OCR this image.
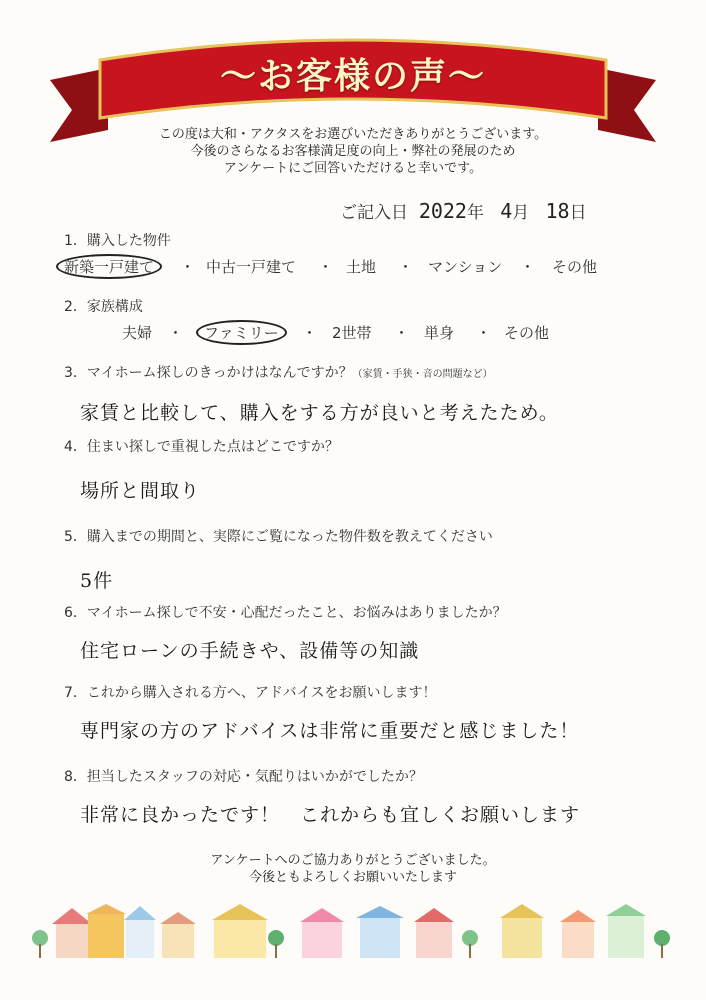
～お客様の声～
この度は大和・アクタスをお選びいただきありがとうございます。
今後のさらなるお客様満足度の向上・弊社の発展のため
アンケートにご回答いただけると幸いです。
ご記入日 2022年 4月 18日
1．購入した物件
新築一戸建て	・ 中古一戸建て ・ 土地 ・ マンション ・ その他
2．家族構成
夫婦 ・	ファミリー	・ 2世帯 ・ 単身 ・ その他
3．マイホーム探しのきっかけはなんですか？（家賃・手狭・音の問題など）
家賃と比較して、購入をする方が良いと考えたため。
4．住まい探しで重視した点はどこですか？
場所と間取り
5．購入までの期間と、実際にご覧になった物件数を教えてください
5件
6．マイホーム探しで不安・心配だったこと、お悩みはありましたか？
住宅ローンの手続きや、設備等の知識
7．これから購入される方へ、アドバイスをお願いします！
専門家の方のアドバイスは非常に重要だと感じました！
8．担当したスタッフの対応・気配りはいかがでしたか？
非常に良かったです！　これからも宜しくお願いします
アンケートへのご協力ありがとうございました。
今後ともよろしくお願いいたします
